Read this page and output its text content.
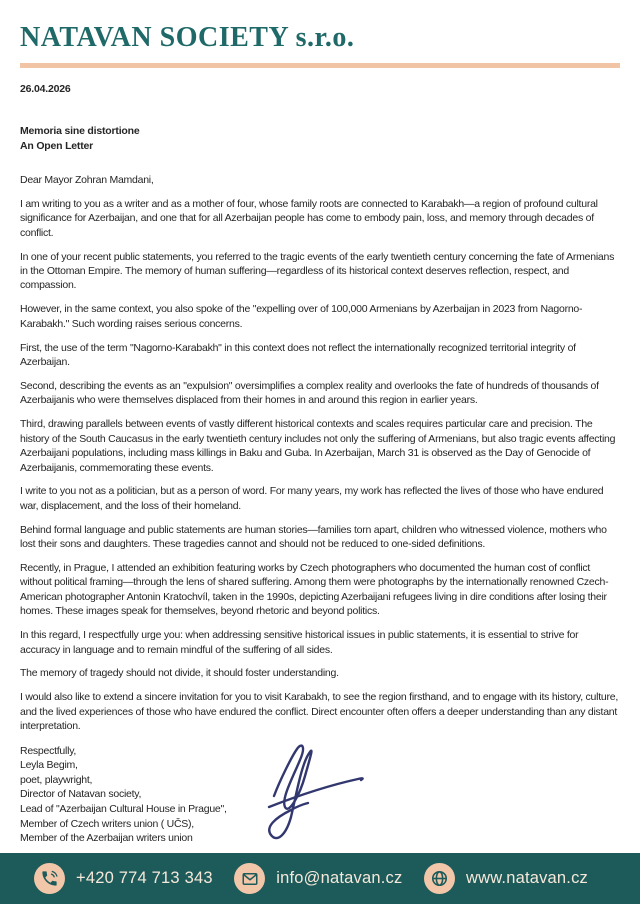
NATAVAN SOCIETY s.r.o.
26.04.2026
Memoria sine distortione
An Open Letter
Dear Mayor Zohran Mamdani,

I am writing to you as a writer and as a mother of four, whose family roots are connected to Karabakh—a region of profound cultural significance for Azerbaijan, and one that for all Azerbaijan people has come to embody pain, loss, and memory through decades of conflict.

In one of your recent public statements, you referred to the tragic events of the early twentieth century concerning the fate of Armenians in the Ottoman Empire. The memory of human suffering—regardless of its historical context deserves reflection, respect, and compassion.

However, in the same context, you also spoke of the "expelling over of 100,000 Armenians by Azerbaijan in 2023 from Nagorno-Karabakh." Such wording raises serious concerns.

First, the use of the term "Nagorno-Karabakh" in this context does not reflect the internationally recognized territorial integrity of Azerbaijan.

Second, describing the events as an "expulsion" oversimplifies a complex reality and overlooks the fate of hundreds of thousands of Azerbaijanis who were themselves displaced from their homes in and around this region in earlier years.

Third, drawing parallels between events of vastly different historical contexts and scales requires particular care and precision. The history of the South Caucasus in the early twentieth century includes not only the suffering of Armenians, but also tragic events affecting Azerbaijani populations, including mass killings in Baku and Guba. In Azerbaijan, March 31 is observed as the Day of Genocide of Azerbaijanis, commemorating these events.

I write to you not as a politician, but as a person of word. For many years, my work has reflected the lives of those who have endured war, displacement, and the loss of their homeland.

Behind formal language and public statements are human stories—families torn apart, children who witnessed violence, mothers who lost their sons and daughters. These tragedies cannot and should not be reduced to one-sided definitions.

Recently, in Prague, I attended an exhibition featuring works by Czech photographers who documented the human cost of conflict without political framing—through the lens of shared suffering. Among them were photographs by the internationally renowned Czech-American photographer Antonin Kratochvíl, taken in the 1990s, depicting Azerbaijani refugees living in dire conditions after losing their homes. These images speak for themselves, beyond rhetoric and beyond politics.

In this regard, I respectfully urge you: when addressing sensitive historical issues in public statements, it is essential to strive for accuracy in language and to remain mindful of the suffering of all sides.

The memory of tragedy should not divide, it should foster understanding.

I would also like to extend a sincere invitation for you to visit Karabakh, to see the region firsthand, and to engage with its history, culture, and the lived experiences of those who have endured the conflict. Direct encounter often offers a deeper understanding than any distant interpretation.

Respectfully,
Leyla Begim,
poet, playwright,
Director of Natavan society,
Lead of "Azerbaijan Cultural House in Prague",
Member of Czech writers union ( UČS),
Member of the Azerbaijan writers union
+420 774 713 343	info@natavan.cz	www.natavan.cz
